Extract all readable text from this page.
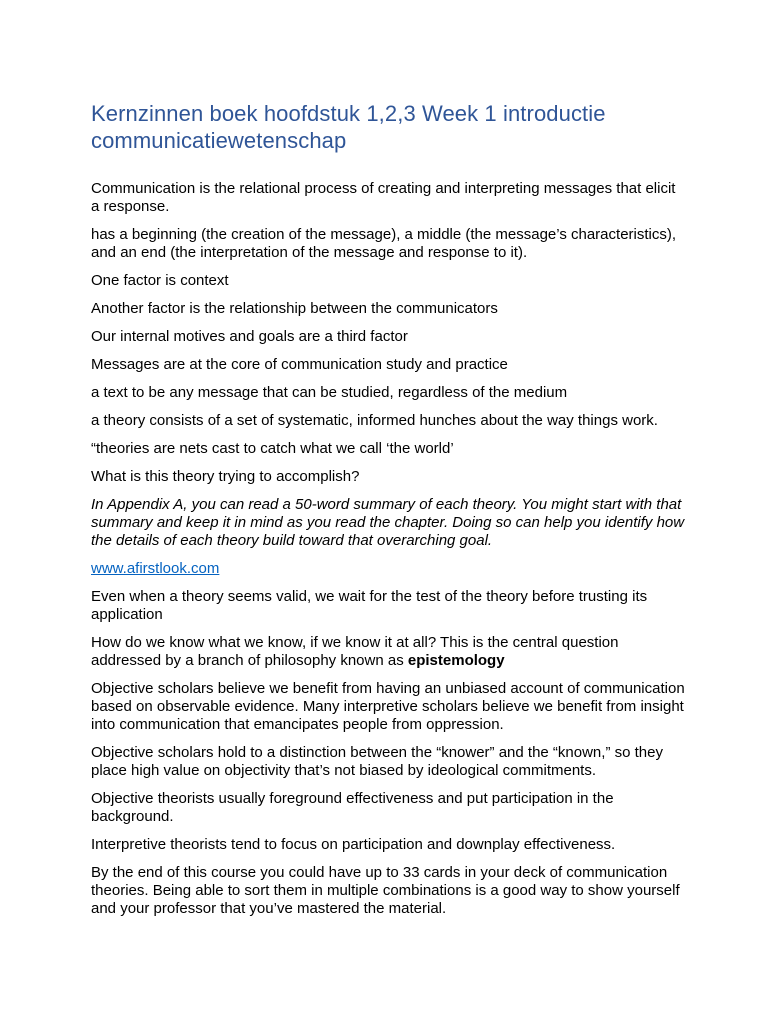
Kernzinnen boek hoofdstuk 1,2,3 Week 1 introductie communicatiewetenschap

Communication is the relational process of creating and interpreting messages that elicit a response.

has a beginning (the creation of the message), a middle (the message’s characteristics), and an end (the interpretation of the message and response to it).

One factor is context

Another factor is the relationship between the communicators

Our internal motives and goals are a third factor

Messages are at the core of communication study and practice

a text to be any message that can be studied, regardless of the medium

a theory consists of a set of systematic, informed hunches about the way things work.

“theories are nets cast to catch what we call ‘the world’

What is this theory trying to accomplish?

In Appendix A, you can read a 50-word summary of each theory. You might start with that summary and keep it in mind as you read the chapter. Doing so can help you identify how the details of each theory build toward that overarching goal.

www.afirstlook.com

Even when a theory seems valid, we wait for the test of the theory before trusting its application

How do we know what we know, if we know it at all? This is the central question addressed by a branch of philosophy known as epistemology

Objective scholars believe we benefit from having an unbiased account of communication based on observable evidence. Many interpretive scholars believe we benefit from insight into communication that emancipates people from oppression.

Objective scholars hold to a distinction between the “knower” and the “known,” so they place high value on objectivity that’s not biased by ideological commitments.

Objective theorists usually foreground effectiveness and put participation in the background.

Interpretive theorists tend to focus on participation and downplay effectiveness.

By the end of this course you could have up to 33 cards in your deck of communication theories. Being able to sort them in multiple combinations is a good way to show yourself and your professor that you’ve mastered the material.
